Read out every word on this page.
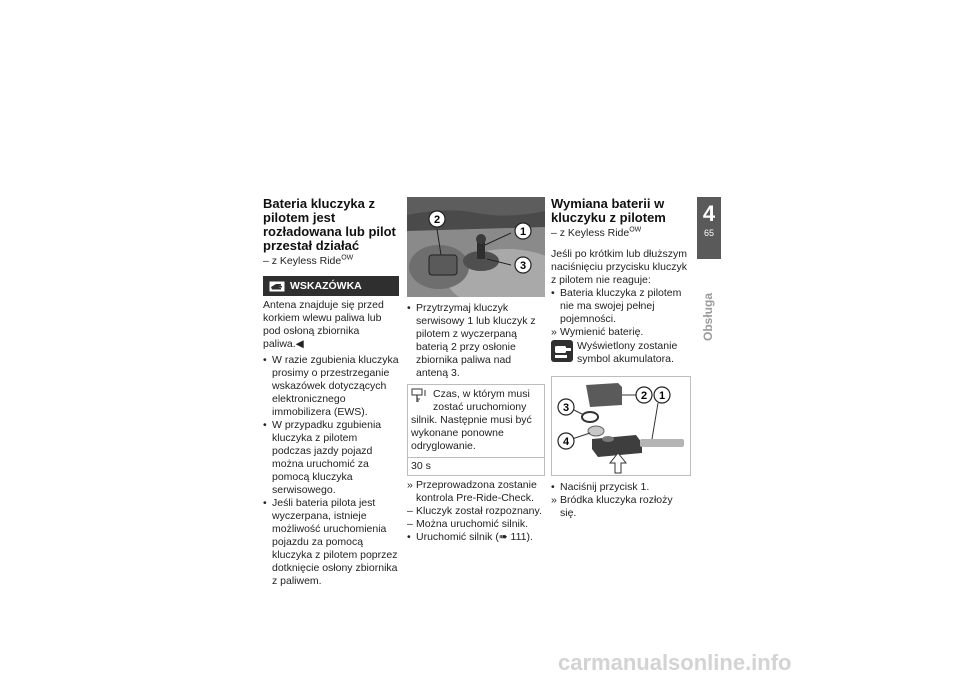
Bateria kluczyka z pilotem jest rozładowana lub pilot przestał działać

– z Keyless Ride$^{OW}$

WSKAZÓWKA

Antena znajduje się przed korkiem wlewu paliwa lub pod osłoną zbiornika paliwa.◀

• W razie zgubienia kluczyka prosimy o przestrzeganie wskazówek dotyczących elektronicznego immobilizera (EWS).
• W przypadku zgubienia kluczyka z pilotem podczas jazdy pojazd można uruchomić za pomocą kluczyka serwisowego.
• Jeśli bateria pilota jest wyczerpana, istnieje możliwość uruchomienia pojazdu za pomocą kluczyka z pilotem poprzez dotknięcie osłony zbiornika z paliwem.
2
1
3
• Przytrzymaj kluczyk serwisowy 1 lub kluczyk z pilotem z wyczerpaną baterią 2 przy osłonie zbiornika paliwa nad anteną 3.
Czas, w którym musi zostać uruchomiony silnik. Następnie musi być wykonane ponowne odryglowanie.
30 s
» Przeprowadzona zostanie kontrola Pre-Ride-Check.
– Kluczyk został rozpoznany.
– Można uruchomić silnik.
• Uruchomić silnik (➠ 111).
Wymiana baterii w kluczyku z pilotem

– z Keyless Ride$^{OW}$

Jeśli po krótkim lub dłuższym naciśnięciu przycisku kluczyk z pilotem nie reaguje:

• Bateria kluczyka z pilotem nie ma swojej pełnej pojemności.
» Wymienić baterię.
Wyświetlony zostanie symbol akumulatora.
2 1
3
4
• Naciśnij przycisk 1.
» Bródka kluczyka rozłoży się.
4
65
Obsługa
carmanualsonline.info
